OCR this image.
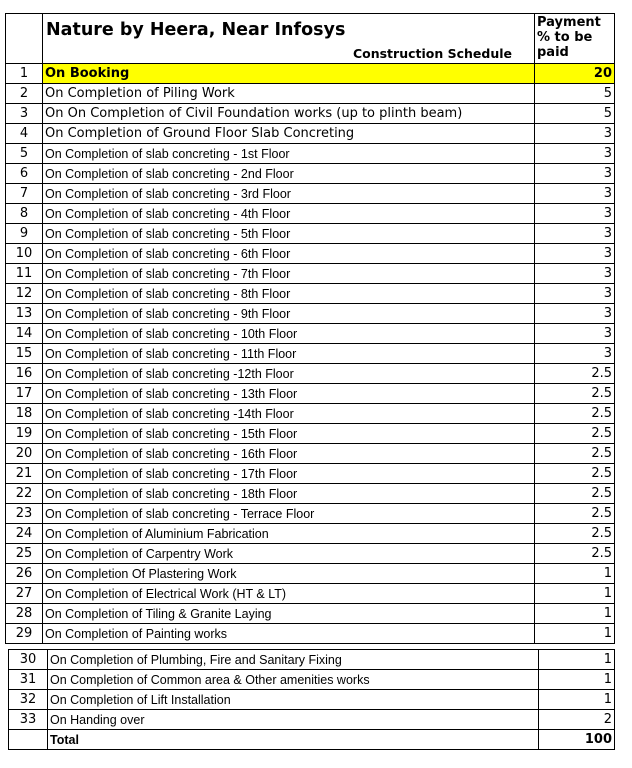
	Nature by Heera, Near Infosys
Construction Schedule	Payment % to be paid

1	On Booking	20
2	On Completion of Piling Work	5
3	On On Completion of Civil Foundation works (up to plinth beam)	5
4	On Completion of Ground Floor Slab Concreting	3
5	On Completion of slab concreting - 1st Floor	3
6	On Completion of slab concreting - 2nd Floor	3
7	On Completion of slab concreting - 3rd Floor	3
8	On Completion of slab concreting - 4th Floor	3
9	On Completion of slab concreting - 5th Floor	3
10	On Completion of slab concreting - 6th Floor	3
11	On Completion of slab concreting - 7th Floor	3
12	On Completion of slab concreting - 8th Floor	3
13	On Completion of slab concreting - 9th Floor	3
14	On Completion of slab concreting - 10th Floor	3
15	On Completion of slab concreting - 11th Floor	3
16	On Completion of slab concreting -12th Floor	2.5
17	On Completion of slab concreting - 13th Floor	2.5
18	On Completion of slab concreting -14th Floor	2.5
19	On Completion of slab concreting - 15th Floor	2.5
20	On Completion of slab concreting - 16th Floor	2.5
21	On Completion of slab concreting - 17th Floor	2.5
22	On Completion of slab concreting - 18th Floor	2.5
23	On Completion of slab concreting - Terrace Floor	2.5
24	On Completion of Aluminium Fabrication	2.5
25	On Completion of Carpentry Work	2.5
26	On Completion Of Plastering Work	1
27	On Completion of Electrical Work (HT & LT)	1
28	On Completion of Tiling & Granite Laying	1
29	On Completion of Painting works	1
30	On Completion of Plumbing, Fire and Sanitary Fixing	1
31	On Completion of Common area & Other amenities works	1
32	On Completion of Lift Installation	1
33	On Handing over	2
	Total	100
